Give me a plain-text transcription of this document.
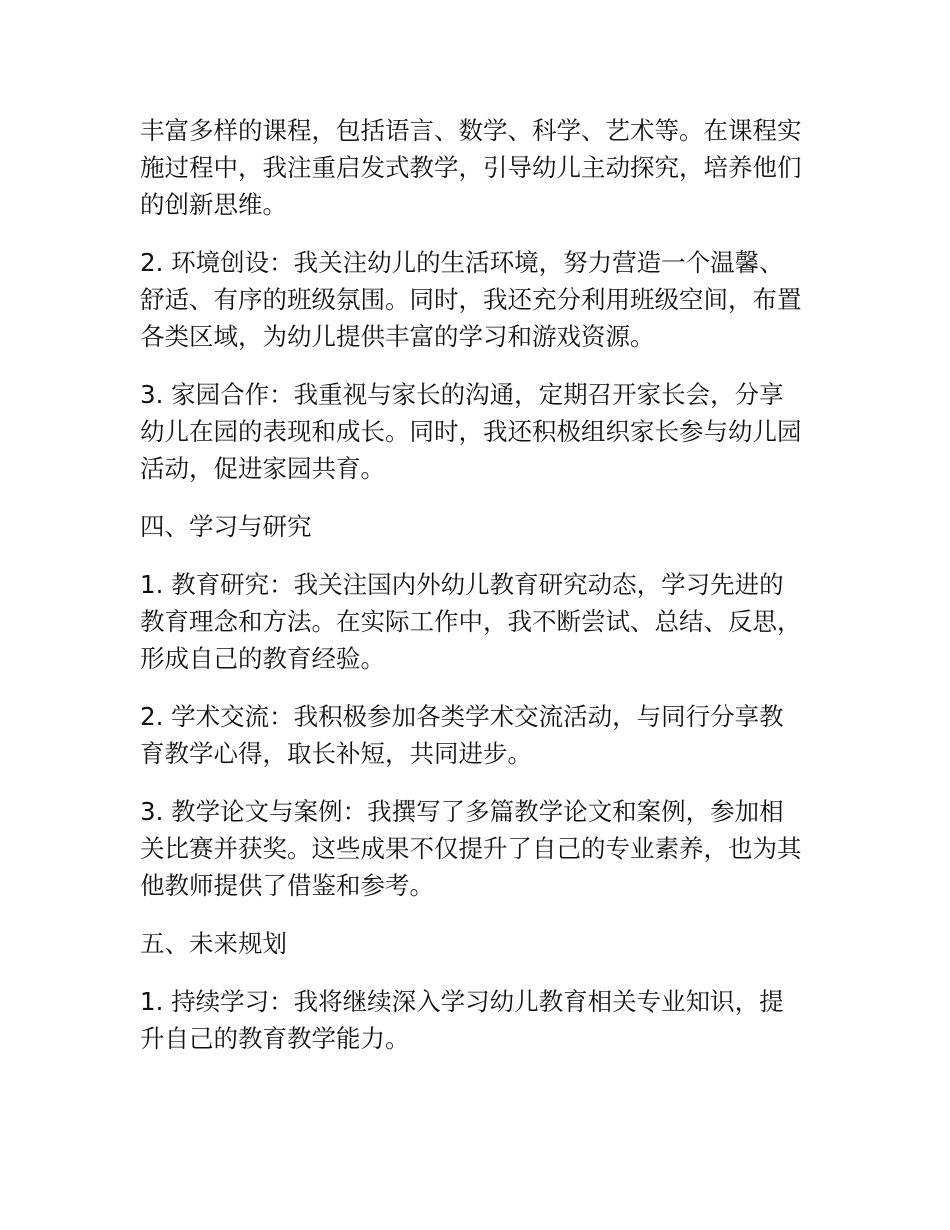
丰富多样的课程，包括语言、数学、科学、艺术等。在课程实
施过程中，我注重启发式教学，引导幼儿主动探究，培养他们
的创新思维。
2. 环境创设：我关注幼儿的生活环境，努力营造一个温馨、
舒适、有序的班级氛围。同时，我还充分利用班级空间，布置
各类区域，为幼儿提供丰富的学习和游戏资源。
3. 家园合作：我重视与家长的沟通，定期召开家长会，分享
幼儿在园的表现和成长。同时，我还积极组织家长参与幼儿园
活动，促进家园共育。
四、学习与研究
1. 教育研究：我关注国内外幼儿教育研究动态，学习先进的
教育理念和方法。在实际工作中，我不断尝试、总结、反思，
形成自己的教育经验。
2. 学术交流：我积极参加各类学术交流活动，与同行分享教
育教学心得，取长补短，共同进步。
3. 教学论文与案例：我撰写了多篇教学论文和案例，参加相
关比赛并获奖。这些成果不仅提升了自己的专业素养，也为其
他教师提供了借鉴和参考。
五、未来规划
1. 持续学习：我将继续深入学习幼儿教育相关专业知识，提
升自己的教育教学能力。
